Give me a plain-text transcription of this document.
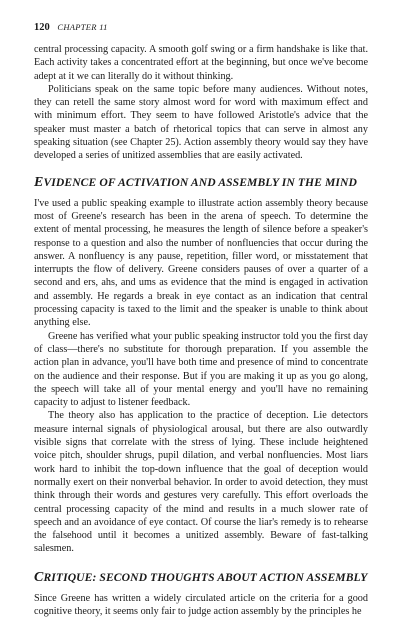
120 CHAPTER 11

central processing capacity. A smooth golf swing or a firm handshake is like that. Each activity takes a concentrated effort at the beginning, but once we've become adept at it we can literally do it without thinking.

Politicians speak on the same topic before many audiences. Without notes, they can retell the same story almost word for word with maximum effect and with minimum effort. They seem to have followed Aristotle's advice that the speaker must master a batch of rhetorical topics that can serve in almost any speaking situation (see Chapter 25). Action assembly theory would say they have developed a series of unitized assemblies that are easily activated.

EVIDENCE OF ACTIVATION AND ASSEMBLY IN THE MIND

I've used a public speaking example to illustrate action assembly theory because most of Greene's research has been in the arena of speech. To determine the extent of mental processing, he measures the length of silence before a speaker's response to a question and also the number of nonfluencies that occur during the answer. A nonfluency is any pause, repetition, filler word, or misstatement that interrupts the flow of delivery. Greene considers pauses of over a quarter of a second and ers, ahs, and ums as evidence that the mind is engaged in activation and assembly. He regards a break in eye contact as an indication that central processing capacity is taxed to the limit and the speaker is unable to think about anything else.

Greene has verified what your public speaking instructor told you the first day of class—there's no substitute for thorough preparation. If you assemble the action plan in advance, you'll have both time and presence of mind to concentrate on the audience and their response. But if you are making it up as you go along, the speech will take all of your mental energy and you'll have no remaining capacity to adjust to listener feedback.

The theory also has application to the practice of deception. Lie detectors measure internal signals of physiological arousal, but there are also outwardly visible signs that correlate with the stress of lying. These include heightened voice pitch, shoulder shrugs, pupil dilation, and verbal nonfluencies. Most liars work hard to inhibit the top-down influence that the goal of deception would normally exert on their nonverbal behavior. In order to avoid detection, they must think through their words and gestures very carefully. This effort overloads the central processing capacity of the mind and results in a much slower rate of speech and an avoidance of eye contact. Of course the liar's remedy is to rehearse the falsehood until it becomes a unitized assembly. Beware of fast-talking salesmen.

CRITIQUE: SECOND THOUGHTS ABOUT ACTION ASSEMBLY

Since Greene has written a widely circulated article on the criteria for a good cognitive theory, it seems only fair to judge action assembly by the principles he
